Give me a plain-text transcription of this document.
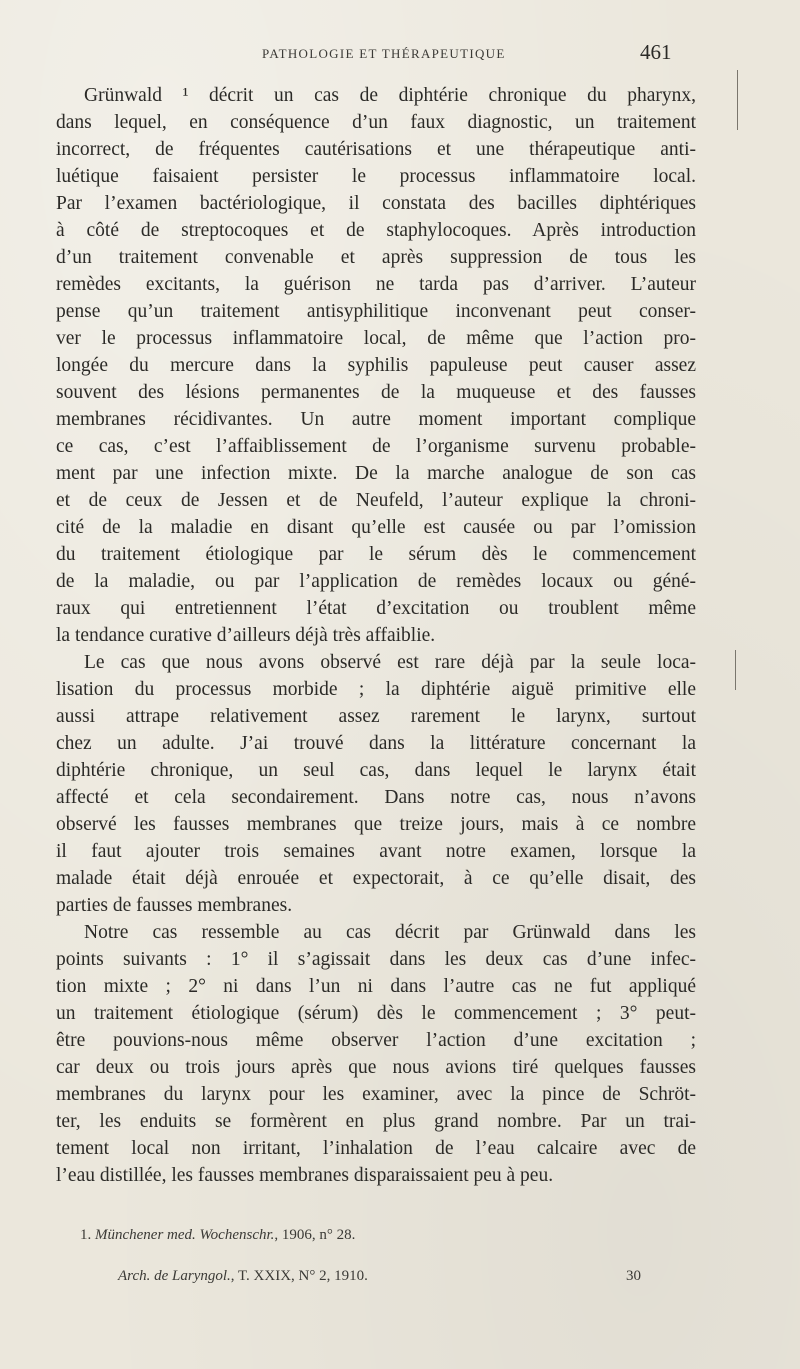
PATHOLOGIE ET THÉRAPEUTIQUE	461
Grünwald ¹ décrit un cas de diphtérie chronique du pharynx,
dans lequel, en conséquence d’un faux diagnostic, un traitement
incorrect, de fréquentes cautérisations et une thérapeutique anti-
luétique faisaient persister le processus inflammatoire local.
Par l’examen bactériologique, il constata des bacilles diphtériques
à côté de streptocoques et de staphylocoques. Après introduction
d’un traitement convenable et après suppression de tous les
remèdes excitants, la guérison ne tarda pas d’arriver. L’auteur
pense qu’un traitement antisyphilitique inconvenant peut conser-
ver le processus inflammatoire local, de même que l’action pro-
longée du mercure dans la syphilis papuleuse peut causer assez
souvent des lésions permanentes de la muqueuse et des fausses
membranes récidivantes. Un autre moment important complique
ce cas, c’est l’affaiblissement de l’organisme survenu probable-
ment par une infection mixte. De la marche analogue de son cas
et de ceux de Jessen et de Neufeld, l’auteur explique la chroni-
cité de la maladie en disant qu’elle est causée ou par l’omission
du traitement étiologique par le sérum dès le commencement
de la maladie, ou par l’application de remèdes locaux ou géné-
raux qui entretiennent l’état d’excitation ou troublent même
la tendance curative d’ailleurs déjà très affaiblie.
Le cas que nous avons observé est rare déjà par la seule loca-
lisation du processus morbide ; la diphtérie aiguë primitive elle
aussi attrape relativement assez rarement le larynx, surtout
chez un adulte. J’ai trouvé dans la littérature concernant la
diphtérie chronique, un seul cas, dans lequel le larynx était
affecté et cela secondairement. Dans notre cas, nous n’avons
observé les fausses membranes que treize jours, mais à ce nombre
il faut ajouter trois semaines avant notre examen, lorsque la
malade était déjà enrouée et expectorait, à ce qu’elle disait, des
parties de fausses membranes.
Notre cas ressemble au cas décrit par Grünwald dans les
points suivants : 1° il s’agissait dans les deux cas d’une infec-
tion mixte ; 2° ni dans l’un ni dans l’autre cas ne fut appliqué
un traitement étiologique (sérum) dès le commencement ; 3° peut-
être pouvions-nous même observer l’action d’une excitation ;
car deux ou trois jours après que nous avions tiré quelques fausses
membranes du larynx pour les examiner, avec la pince de Schröt-
ter, les enduits se formèrent en plus grand nombre. Par un trai-
tement local non irritant, l’inhalation de l’eau calcaire avec de
l’eau distillée, les fausses membranes disparaissaient peu à peu.
1. Münchener med. Wochenschr., 1906, n° 28.
Arch. de Laryngol., T. XXIX, N° 2, 1910.	30
